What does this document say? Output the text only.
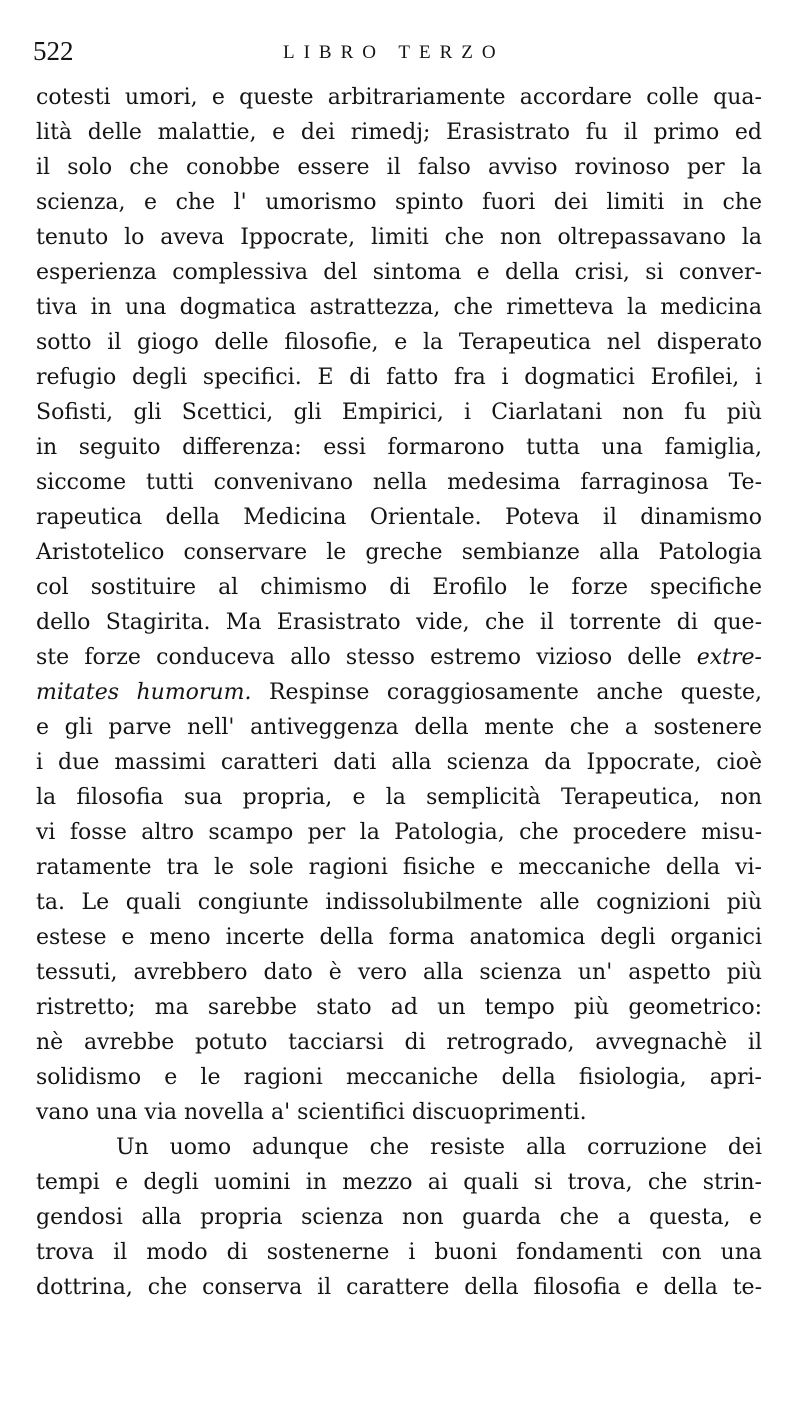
522	LIBRO TERZO
cotesti umori, e queste arbitrariamente accordare colle qua-
lità delle malattie, e dei rimedj; Erasistrato fu il primo ed
il solo che conobbe essere il falso avviso rovinoso per la
scienza, e che l' umorismo spinto fuori dei limiti in che
tenuto lo aveva Ippocrate, limiti che non oltrepassavano la
esperienza complessiva del sintoma e della crisi, si conver-
tiva in una dogmatica astrattezza, che rimetteva la medicina
sotto il giogo delle filosofie, e la Terapeutica nel disperato
refugio degli specifici. E di fatto fra i dogmatici Erofilei, i
Sofisti, gli Scettici, gli Empirici, i Ciarlatani non fu più
in seguito differenza: essi formarono tutta una famiglia,
siccome tutti convenivano nella medesima farraginosa Te-
rapeutica della Medicina Orientale. Poteva il dinamismo
Aristotelico conservare le greche sembianze alla Patologia
col sostituire al chimismo di Erofilo le forze specifiche
dello Stagirita. Ma Erasistrato vide, che il torrente di que-
ste forze conduceva allo stesso estremo vizioso delle extre-
mitates humorum. Respinse coraggiosamente anche queste,
e gli parve nell' antiveggenza della mente che a sostenere
i due massimi caratteri dati alla scienza da Ippocrate, cioè
la filosofia sua propria, e la semplicità Terapeutica, non
vi fosse altro scampo per la Patologia, che procedere misu-
ratamente tra le sole ragioni fisiche e meccaniche della vi-
ta. Le quali congiunte indissolubilmente alle cognizioni più
estese e meno incerte della forma anatomica degli organici
tessuti, avrebbero dato è vero alla scienza un' aspetto più
ristretto; ma sarebbe stato ad un tempo più geometrico:
nè avrebbe potuto tacciarsi di retrogrado, avvegnachè il
solidismo e le ragioni meccaniche della fisiologia, apri-
vano una via novella a' scientifici discuoprimenti.
Un uomo adunque che resiste alla corruzione dei
tempi e degli uomini in mezzo ai quali si trova, che strin-
gendosi alla propria scienza non guarda che a questa, e
trova il modo di sostenerne i buoni fondamenti con una
dottrina, che conserva il carattere della filosofia e della te-
